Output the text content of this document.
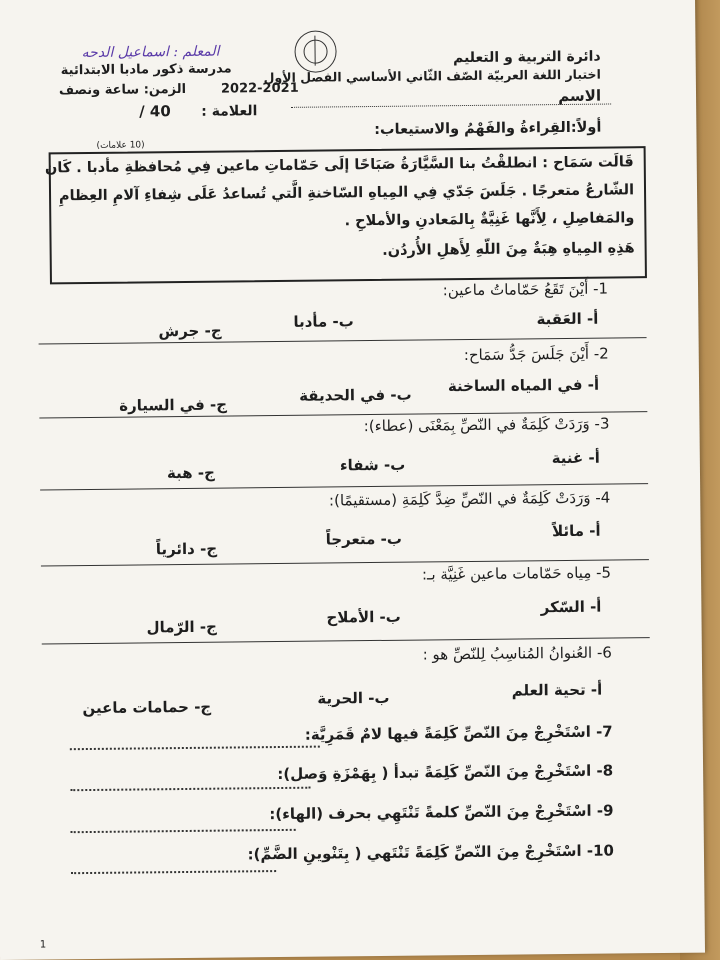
دائرة التربية و التعليم
اختبار اللغة العربيّة الصّف الثّاني الأساسي الفصل الأول
الاسم
المعلم : اسماعيل الدحه
مدرسة ذكور مادبا الابتدائية
2022-2021
الزمن: ساعة ونصف
العلامة :
40 /
أولاً:القِراءةُ والفَهْمُ والاستيعاب:
(10 علامات)
قَالَت سَمَاح : انطلقْتُ بنا السَّيَّارَةُ صَبَاحًا إلَى حَمّاماتِ ماعين فِي مُحافظةِ مأدبا . كَان
الشّارعُ متعرجًا . جَلَسَ جَدّي فِي المِياهِ السّاخنةِ الَّتي تُساعدُ عَلَى شِفاءِ آلامِ العِظامِ
والمَفاصِلِ ، لِأَنَّها غَنِيَّةٌ بِالمَعادنِ والأملاحِ .
هَذِهِ المِياهِ هِبَةٌ مِنَ اللّهِ لِأَهلِ الأُردُن.
1- أَيْنَ تَقَعُ حَمّاماتُ ماعين:
أ- العَقبة
ب- مأدبا
ج- جرش
2- أَيْنَ جَلَسَ جَدُّ سَمَاح:
أ- في المياه الساخنة
ب- في الحديقة
ج- في السيارة
3- وَرَدَتْ كَلِمَةٌ في النّصِّ بِمَعْنَى (عطاء):
أ- غنية
ب- شفاء
ج- هبة
4- وَرَدَتْ كَلِمَةٌ في النّصِّ ضِدَّ كَلِمَةِ (مستقيمًا):
أ- مائلاً
ب- متعرجاً
ج- دائرياً
5- مِياه حَمّامات ماعين غَنِيَّة بـ:
أ- السّكر
ب- الأملاح
ج- الرّمال
6- العُنوانُ المُناسِبُ لِلنّصِّ هو :
أ- تحية العلم
ب- الحرية
ج- حمامات ماعين
7- اسْتَخْرِجْ مِنَ النّصِّ كَلِمَةً فيها لامٌ قَمَرِيَّة:
8- اسْتَخْرِجْ مِنَ النّصِّ كَلِمَةً تبدأ ( بِهَمْزَةِ وَصل):
9- اسْتَخْرِجْ مِنَ النّصِّ كلمةً تَنْتَهِي بحرف (الهاء):
10- اسْتَخْرِجْ مِنَ النّصِّ كَلِمَةً تَنْتَهي ( بِتَنْوينِ الضَّمِّ):
1
